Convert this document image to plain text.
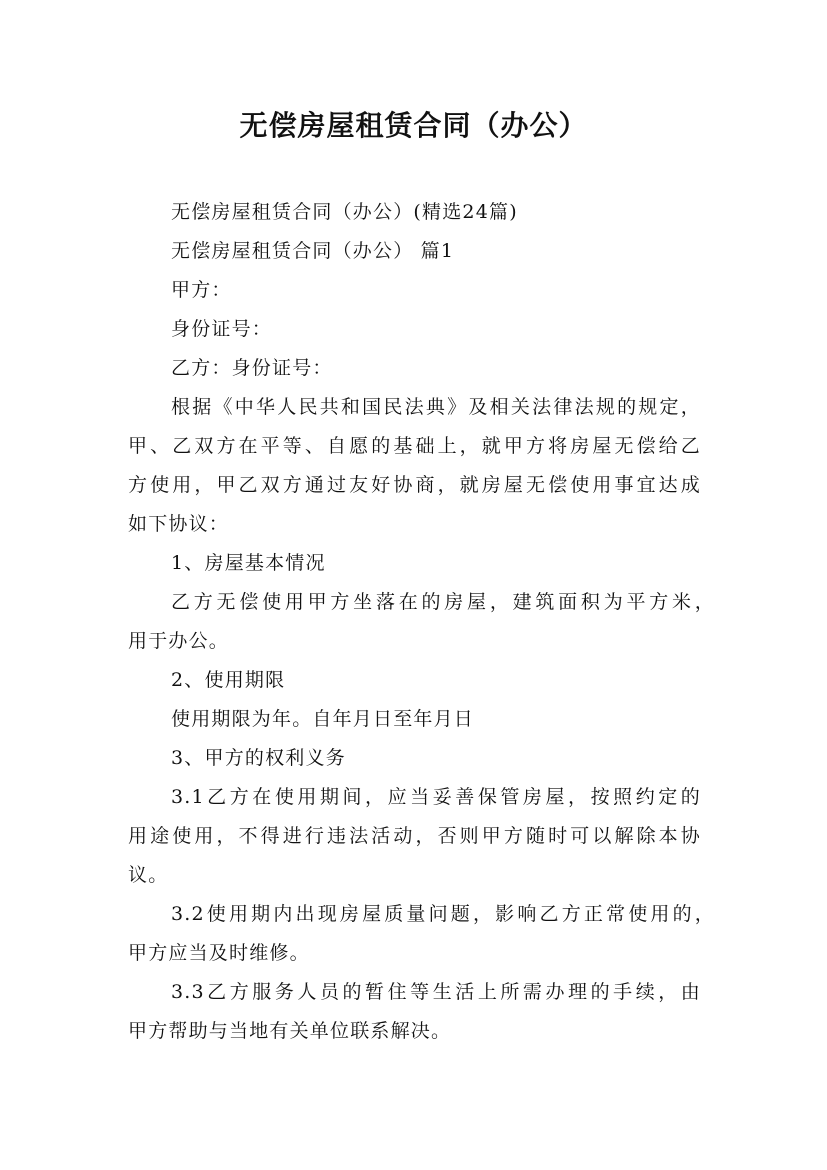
无偿房屋租赁合同（办公）
无偿房屋租赁合同（办公）(精选24篇)
无偿房屋租赁合同（办公） 篇1
甲方：
身份证号：
乙方：身份证号：
根据《中华人民共和国民法典》及相关法律法规的规定，
甲、乙双方在平等、自愿的基础上，就甲方将房屋无偿给乙
方使用，甲乙双方通过友好协商，就房屋无偿使用事宜达成
如下协议：
1、房屋基本情况
乙方无偿使用甲方坐落在的房屋，建筑面积为平方米，
用于办公。
2、使用期限
使用期限为年。自年月日至年月日
3、甲方的权利义务
3.1乙方在使用期间，应当妥善保管房屋，按照约定的
用途使用，不得进行违法活动，否则甲方随时可以解除本协
议。
3.2使用期内出现房屋质量问题，影响乙方正常使用的，
甲方应当及时维修。
3.3乙方服务人员的暂住等生活上所需办理的手续，由
甲方帮助与当地有关单位联系解决。
